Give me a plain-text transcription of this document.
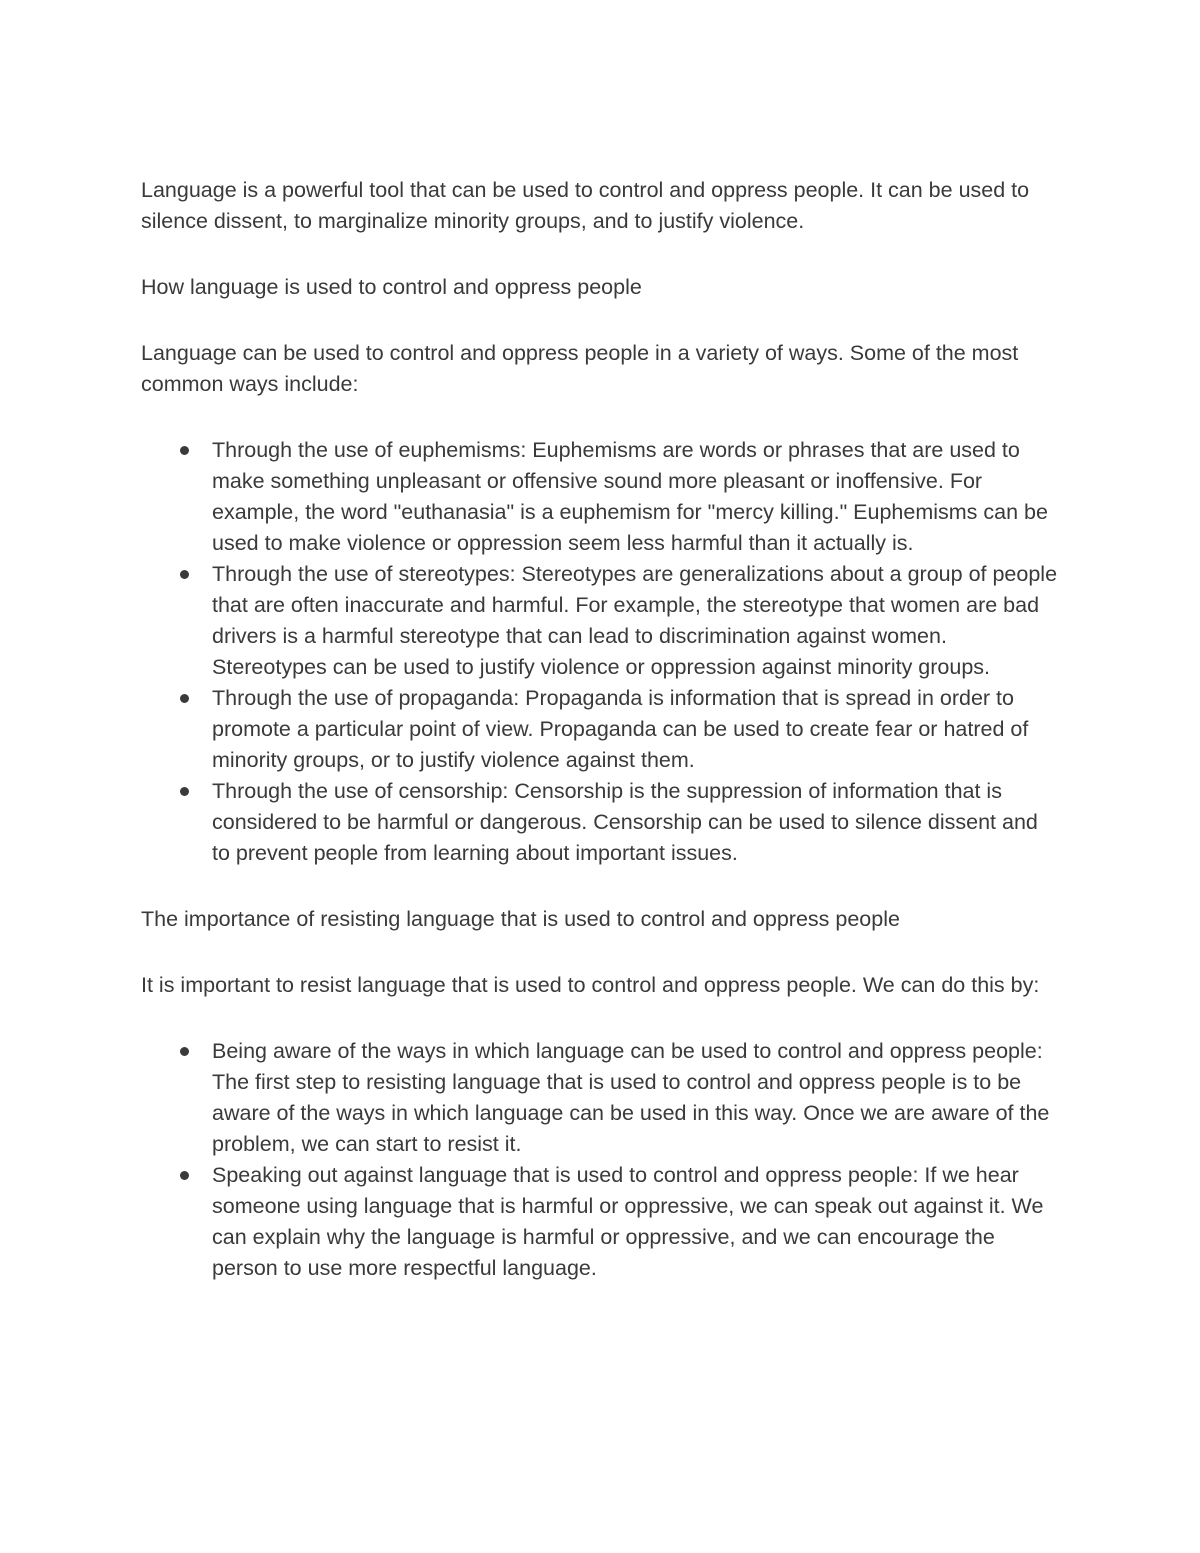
Language is a powerful tool that can be used to control and oppress people. It can be used to silence dissent, to marginalize minority groups, and to justify violence.

How language is used to control and oppress people

Language can be used to control and oppress people in a variety of ways. Some of the most common ways include:

Through the use of euphemisms: Euphemisms are words or phrases that are used to make something unpleasant or offensive sound more pleasant or inoffensive. For example, the word "euthanasia" is a euphemism for "mercy killing." Euphemisms can be used to make violence or oppression seem less harmful than it actually is.
Through the use of stereotypes: Stereotypes are generalizations about a group of people that are often inaccurate and harmful. For example, the stereotype that women are bad drivers is a harmful stereotype that can lead to discrimination against women. Stereotypes can be used to justify violence or oppression against minority groups.
Through the use of propaganda: Propaganda is information that is spread in order to promote a particular point of view. Propaganda can be used to create fear or hatred of minority groups, or to justify violence against them.
Through the use of censorship: Censorship is the suppression of information that is considered to be harmful or dangerous. Censorship can be used to silence dissent and to prevent people from learning about important issues.

The importance of resisting language that is used to control and oppress people

It is important to resist language that is used to control and oppress people. We can do this by:

Being aware of the ways in which language can be used to control and oppress people: The first step to resisting language that is used to control and oppress people is to be aware of the ways in which language can be used in this way. Once we are aware of the problem, we can start to resist it.
Speaking out against language that is used to control and oppress people: If we hear someone using language that is harmful or oppressive, we can speak out against it. We can explain why the language is harmful or oppressive, and we can encourage the person to use more respectful language.
